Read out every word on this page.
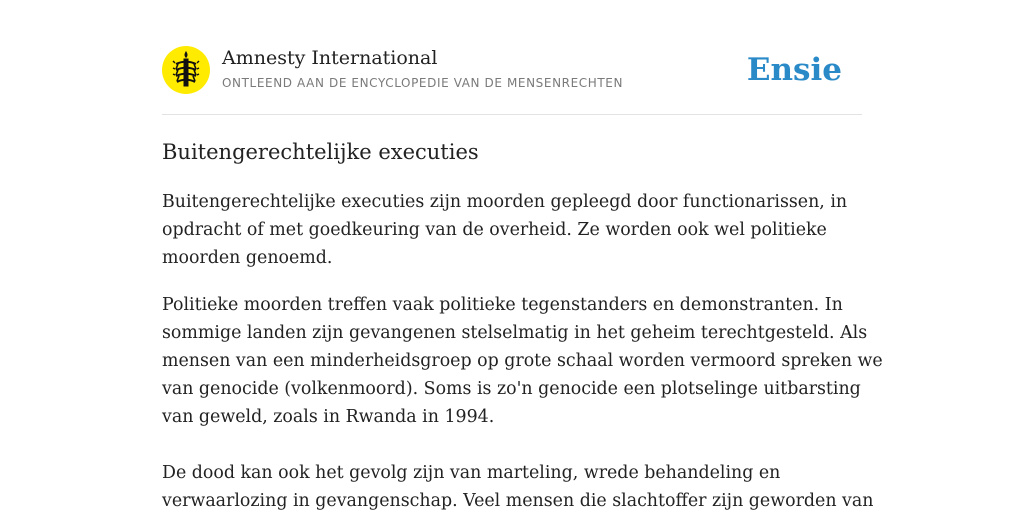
Amnesty International
ONTLEEND AAN DE ENCYCLOPEDIE VAN DE MENSENRECHTEN	Ensie
Buitengerechtelijke executies

Buitengerechtelijke executies zijn moorden gepleegd door functionarissen, in
opdracht of met goedkeuring van de overheid. Ze worden ook wel politieke
moorden genoemd.

Politieke moorden treffen vaak politieke tegenstanders en demonstranten. In
sommige landen zijn gevangenen stelselmatig in het geheim terechtgesteld. Als
mensen van een minderheidsgroep op grote schaal worden vermoord spreken we
van genocide (volkenmoord). Soms is zo'n genocide een plotselinge uitbarsting
van geweld, zoals in Rwanda in 1994.
De dood kan ook het gevolg zijn van marteling, wrede behandeling en
verwaarlozing in gevangenschap. Veel mensen die slachtoffer zijn geworden van
